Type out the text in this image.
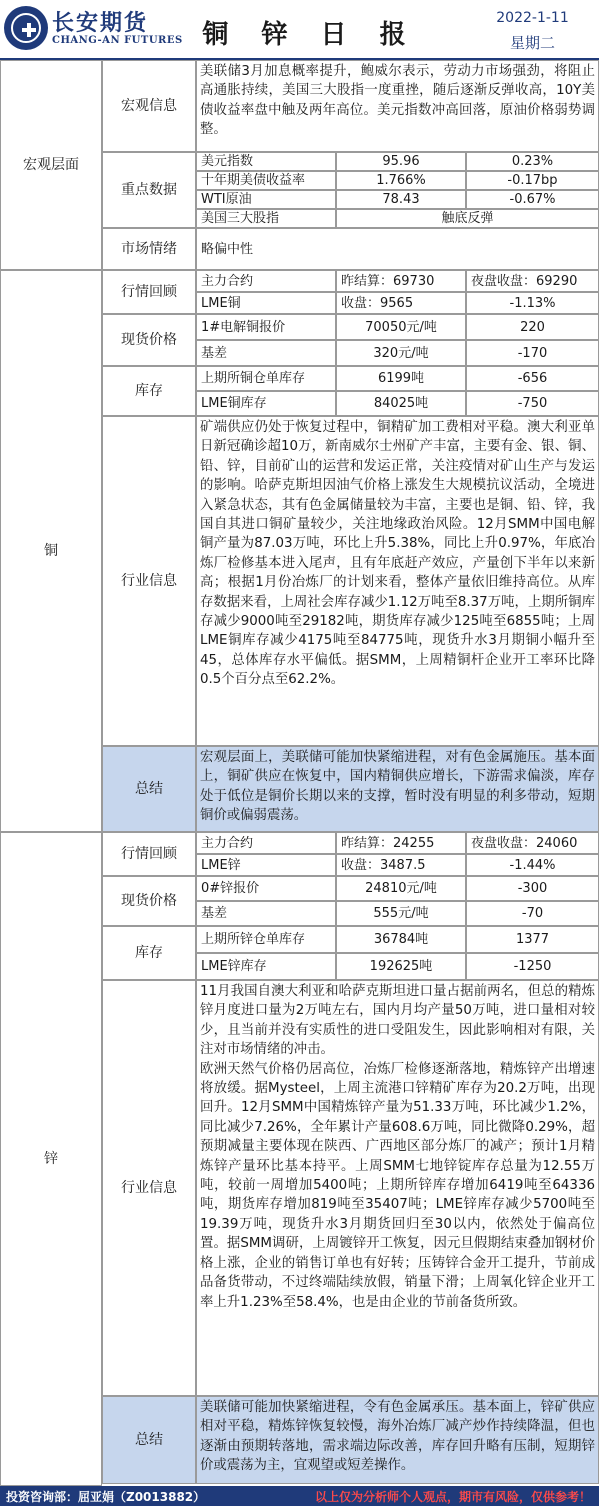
长安期货
CHANG-AN FUTURES 铜 锌 日 报
2022-1-11
星期二
宏观层面
宏观信息
美联储3月加息概率提升，鲍威尔表示，劳动力市场强劲，将阻止高通胀持续，美国三大股指一度重挫，随后逐渐反弹收高，10Y美债收益率盘中触及两年高位。美元指数冲高回落，原油价格弱势调整。
重点数据
美元指数	95.96	0.23%
十年期美债收益率	1.766%	-0.17bp
WTI原油	78.43	-0.67%
美国三大股指	触底反弹
市场情绪	略偏中性
铜
行情回顾
主力合约	昨结算：69730	夜盘收盘：69290
LME铜	收盘：9565	-1.13%
现货价格
1#电解铜报价	70050元/吨	220
基差	320元/吨	-170
库存
上期所铜仓单库存	6199吨	-656
LME铜库存	84025吨	-750
行业信息
矿端供应仍处于恢复过程中，铜精矿加工费相对平稳。澳大利亚单日新冠确诊超10万，新南威尔士州矿产丰富，主要有金、银、铜、铅、锌，目前矿山的运营和发运正常，关注疫情对矿山生产与发运的影响。哈萨克斯坦因油气价格上涨发生大规模抗议活动，全境进入紧急状态，其有色金属储量较为丰富，主要也是铜、铅、锌，我国自其进口铜矿量较少，关注地缘政治风险。12月SMM中国电解铜产量为87.03万吨，环比上升5.38%，同比上升0.97%，年底冶炼厂检修基本进入尾声，且有年底赶产效应，产量创下半年以来新高；根据1月份冶炼厂的计划来看，整体产量依旧维持高位。从库存数据来看，上周社会库存减少1.12万吨至8.37万吨，上期所铜库存减少9000吨至29182吨，期货库存减少125吨至6855吨；上周LME铜库存减少4175吨至84775吨，现货升水3月期铜小幅升至45，总体库存水平偏低。据SMM，上周精铜杆企业开工率环比降0.5个百分点至62.2%。
总结
宏观层面上，美联储可能加快紧缩进程，对有色金属施压。基本面上，铜矿供应在恢复中，国内精铜供应增长，下游需求偏淡，库存处于低位是铜价长期以来的支撑，暂时没有明显的利多带动，短期铜价或偏弱震荡。
锌
行情回顾
主力合约	昨结算：24255	夜盘收盘：24060
LME锌	收盘：3487.5	-1.44%
现货价格
0#锌报价	24810元/吨	-300
基差	555元/吨	-70
库存
上期所锌仓单库存	36784吨	1377
LME锌库存	192625吨	-1250
行业信息
11月我国自澳大利亚和哈萨克斯坦进口量占据前两名，但总的精炼锌月度进口量为2万吨左右，国内月均产量50万吨，进口量相对较少，且当前并没有实质性的进口受阻发生，因此影响相对有限，关注对市场情绪的冲击。
欧洲天然气价格仍居高位，冶炼厂检修逐渐落地，精炼锌产出增速将放缓。据Mysteel，上周主流港口锌精矿库存为20.2万吨，出现回升。12月SMM中国精炼锌产量为51.33万吨，环比减少1.2%，同比减少7.26%，全年累计产量608.6万吨，同比微降0.29%，超预期减量主要体现在陕西、广西地区部分炼厂的减产；预计1月精炼锌产量环比基本持平。上周SMM七地锌锭库存总量为12.55万吨，较前一周增加5400吨；上期所锌库存增加6419吨至64336吨，期货库存增加819吨至35407吨；LME锌库存减少5700吨至19.39万吨，现货升水3月期货回归至30以内，依然处于偏高位置。据SMM调研，上周镀锌开工恢复，因元旦假期结束叠加钢材价格上涨，企业的销售订单也有好转；压铸锌合金开工提升，节前成品备货带动，不过终端陆续放假，销量下滑；上周氧化锌企业开工率上升1.23%至58.4%，也是由企业的节前备货所致。
总结
美联储可能加快紧缩进程，令有色金属承压。基本面上，锌矿供应相对平稳，精炼锌恢复较慢，海外冶炼厂减产炒作持续降温，但也逐渐由预期转落地，需求端边际改善，库存回升略有压制，短期锌价或震荡为主，宜观望或短差操作。
投资咨询部：屈亚娟（Z0013882）	以上仅为分析师个人观点，期市有风险，仅供参考！
